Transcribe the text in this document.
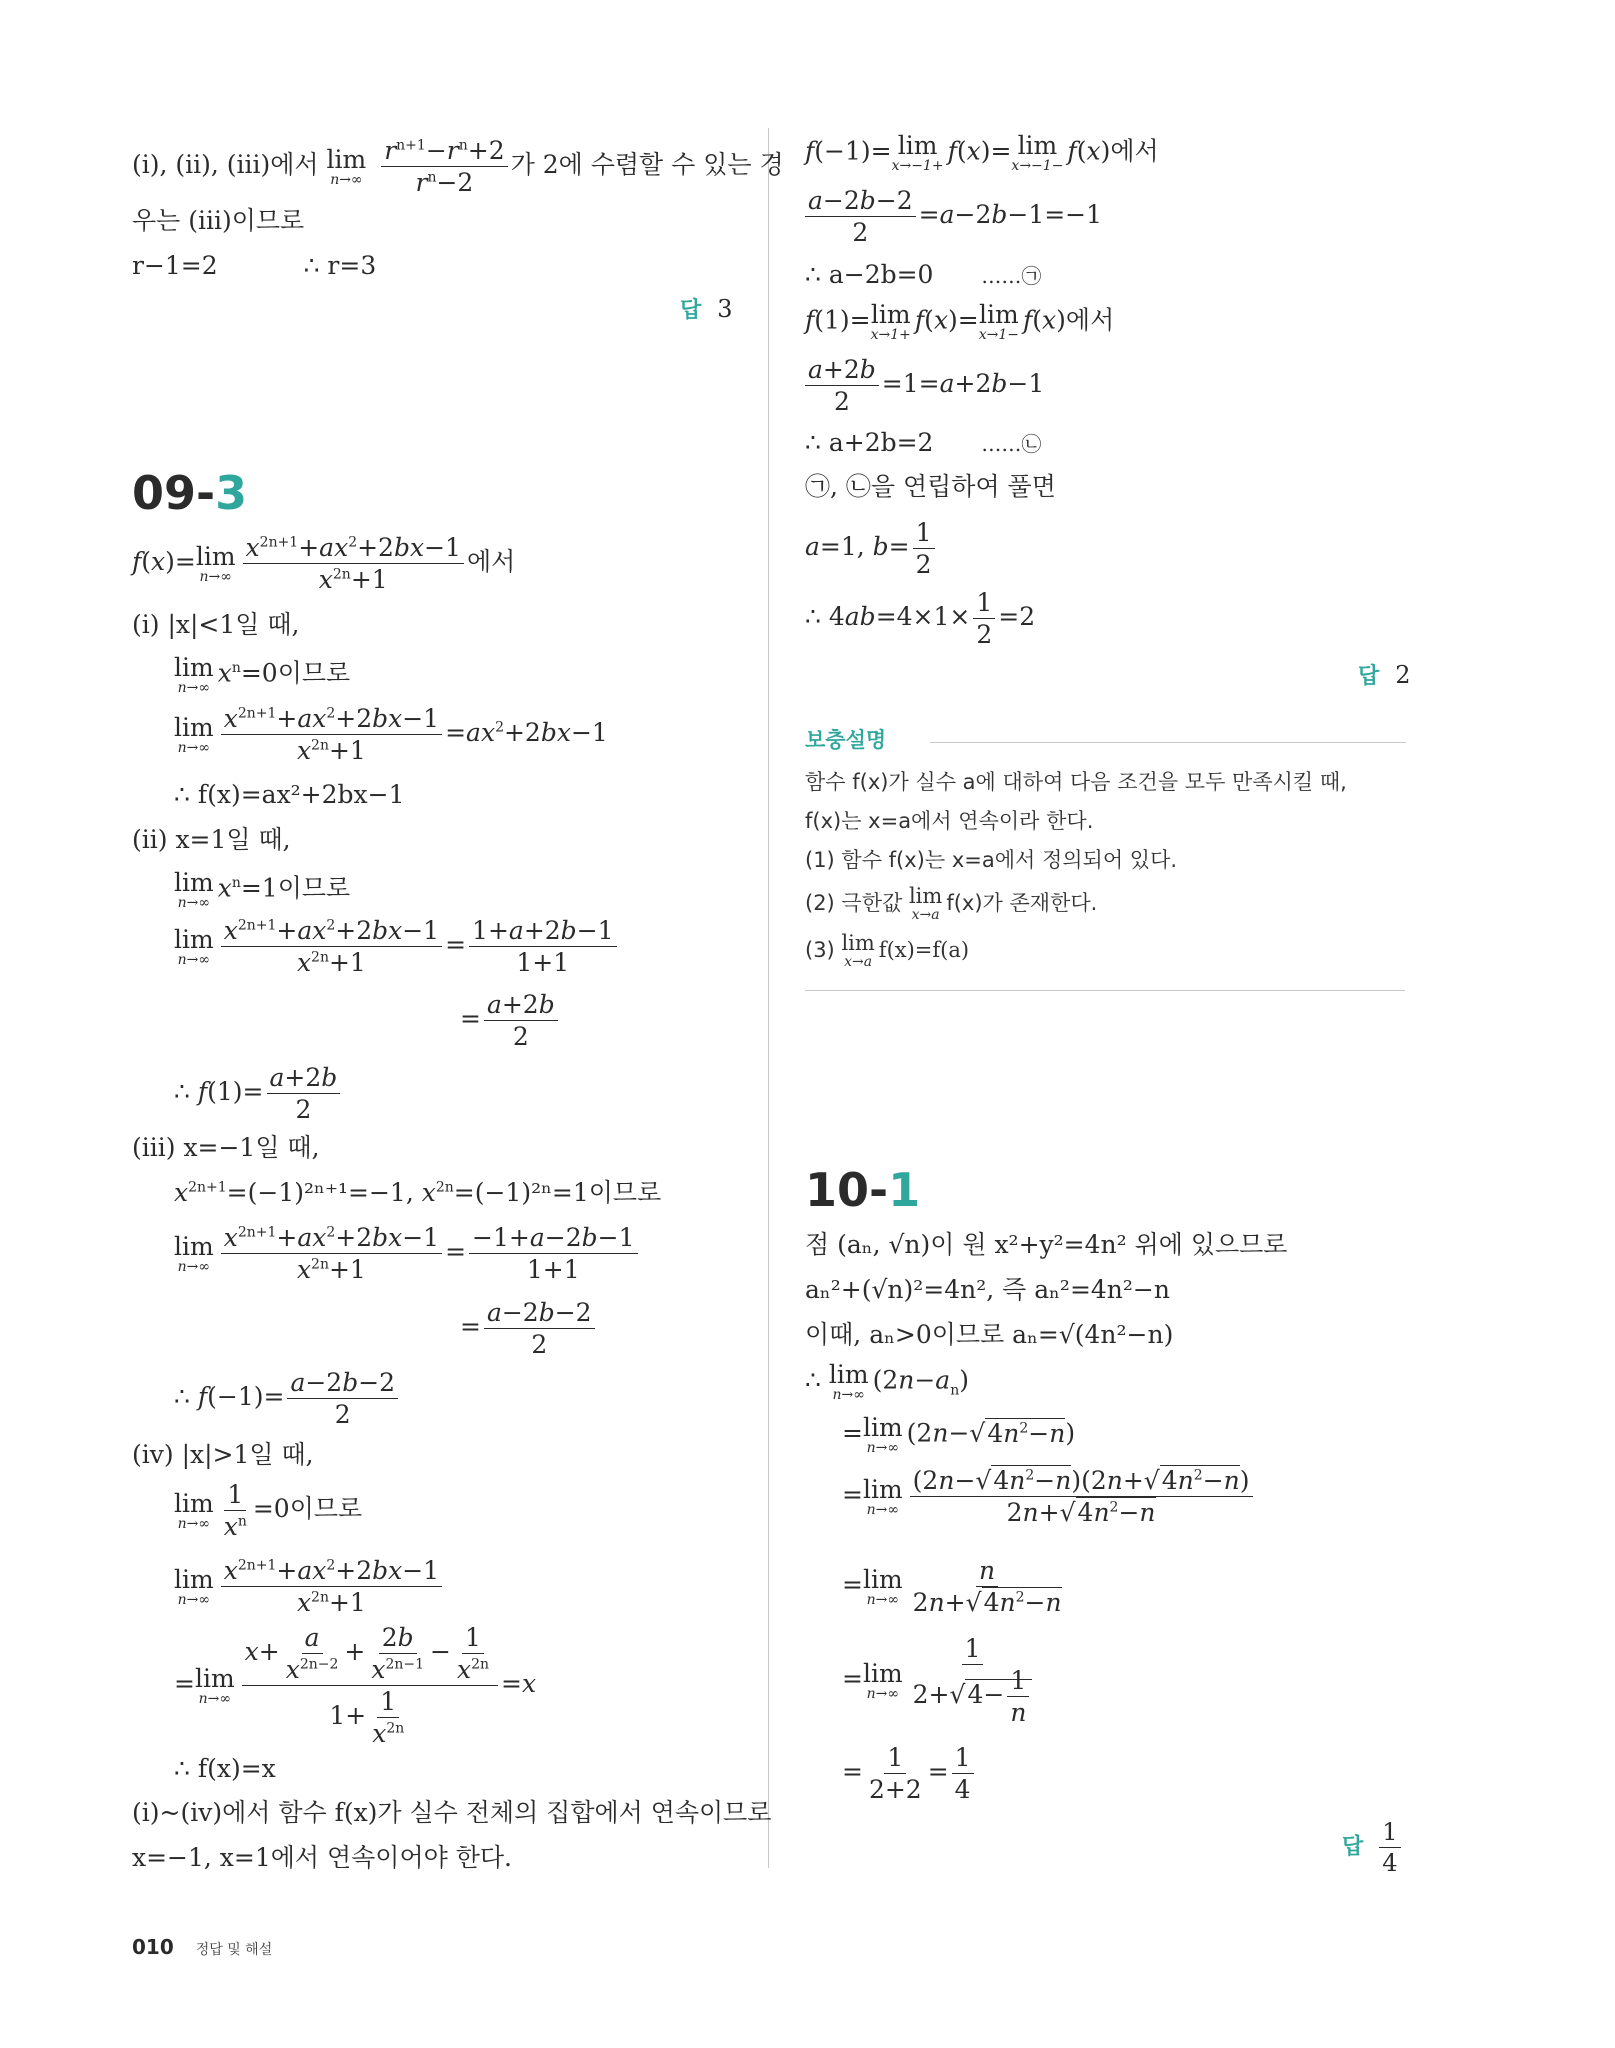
(ⅰ), (ⅱ), (ⅲ)에서 lim
n→∞
$\frac{r^{n+1}-r^n+2}{r^n-2}$ 가 2에 수렴할 수 있는 경
우는 (ⅲ)이므로
r−1=2	∴ r=3
답 3
09-3
f(x)= lim
$n\to\infty \frac{x^{2n+1}+ax^2+2bx-1}{x^{2n}+1}$ 에서
(ⅰ) |x|<1일 때,
lim
n→∞
$x^n=0$이므로
lim
$n\to\infty \frac{x^{2n+1}+ax^2+2bx-1}{x^{2n}+1} =ax^2+2bx-1$
∴ f(x)=ax²+2bx−1
(ⅱ) x=1일 때,
lim
n→∞
$x^n=1$이므로
lim
$n\to\infty \frac{x^{2n+1}+ax^2+2bx-1}{x^{2n}+1} = \frac{1+a+2b-1}{1+1}$
= $\frac{a+2b}{2}$
∴ $f(1)= \frac{a+2b}{2}$
(ⅲ) x=−1일 때,
$x^{2n+1}=(-1)^{2n+1}=-1$, $x^{2n}=(-1)^{2n}=1$이므로
lim
$n\to\infty \frac{x^{2n+1}+ax^2+2bx-1}{x^{2n}+1} = \frac{-1+a-2b-1}{1+1}$
= $\frac{a-2b-2}{2}$
∴ $f(-1)= \frac{a-2b-2}{2}$
(ⅳ) |x|>1일 때,
lim
$n\to\infty \frac{1}{x^n} =0$이므로
lim
$n\to\infty \frac{x^{2n+1}+ax^2+2bx-1}{x^{2n}+1}$
= lim
$n\to\infty \frac{x+ \frac{a}{x^{2n-2}} + \frac{2b}{x^{2n-1}} - \frac{1}{x^{2n}}}{1+ \frac{1}{x^{2n}}} =x$
∴ f(x)=x
(ⅰ)~(ⅳ)에서 함수 f(x)가 실수 전체의 집합에서 연속이므로
x=−1, x=1에서 연속이어야 한다.
f(−1)= lim
x→−1+
f(x)= lim
x→−1−
f(x)에서
$\frac{a-2b-2}{2} =a-2b-1=-1$
∴ a−2b=0 ……㉠
f(1)= lim
x→1+
f(x)= lim
x→1−
f(x)에서
$\frac{a+2b}{2} =1=a+2b-1$
∴ a+2b=2 ……㉡
㉠, ㉡을 연립하여 풀면
a=1, $b= \frac{1}{2}$
∴ $4ab=4\times 1\times \frac{1}{2} =2$
답 2
보충설명
함수 f(x)가 실수 a에 대하여 다음 조건을 모두 만족시킬 때,
f(x)는 x=a에서 연속이라 한다.
(1) 함수 f(x)는 x=a에서 정의되어 있다.
(2) 극한값 lim
x→a f(x)가 존재한다.
(3) lim
x→a f(x)=f(a)
10-1
점 (aₙ, √n)이 원 x²+y²=4n² 위에 있으므로
aₙ²+(√n)²=4n², 즉 aₙ²=4n²−n
이때, aₙ>0이므로 aₙ=√(4n²−n)
∴ lim
n→∞
$(2n-a_n)$
= lim
n→∞
$(2n-√4n^2-n)$
= lim
$n\to\infty \frac{(2n-√4n^2-n)(2n+√4n^2-n)}{2n+√4n^2-n}$
= lim
$n\to\infty \frac{n}{2n+√4n^2-n}$
= lim
$n\to\infty \frac{1}{2+√4- \frac{1}{n}}$
= $\frac{1}{2+2} = \frac{1}{4}$
답 $\frac{1}{4}$
010 정답 및 해설
